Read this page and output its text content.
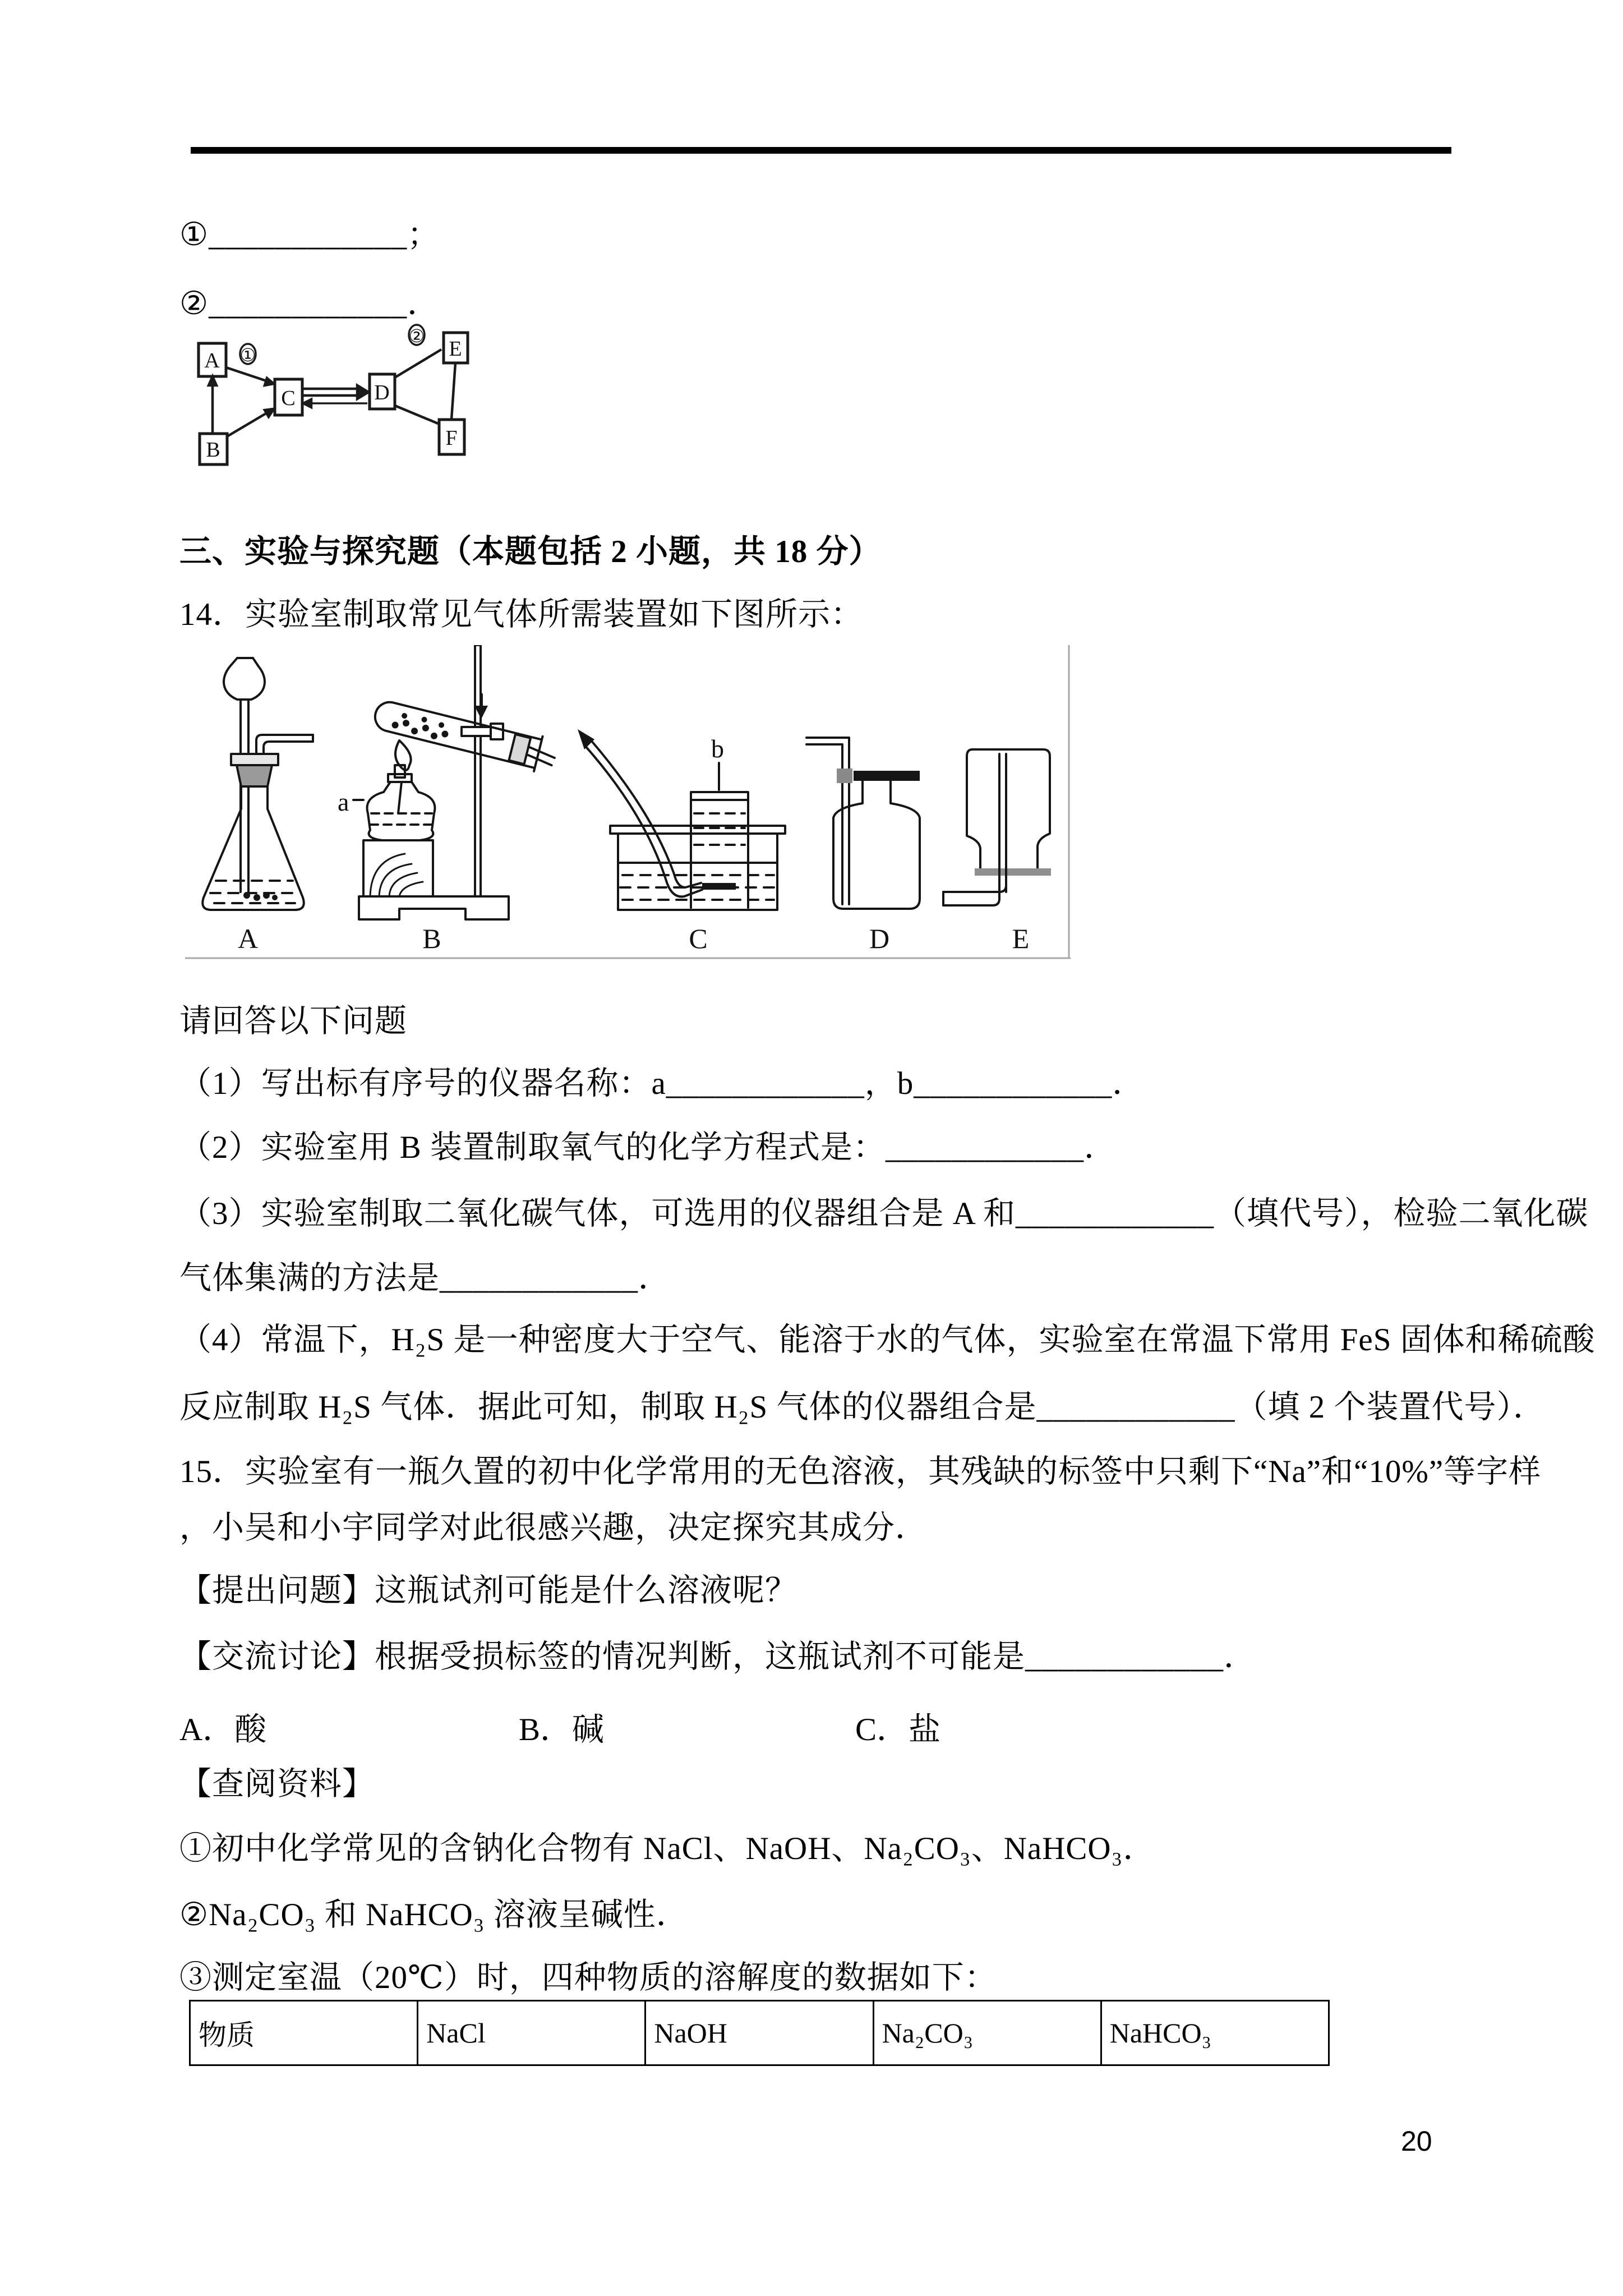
①____________；
②____________．
A
B
C	D
E
F
①
②
三、实验与探究题（本题包括 2 小题，共 18 分）
14．实验室制取常见气体所需装置如下图所示：
A	B	C	D	E
a
b
请回答以下问题
（1）写出标有序号的仪器名称：a____________，b____________．
（2）实验室用 B 装置制取氧气的化学方程式是：____________．
（3）实验室制取二氧化碳气体，可选用的仪器组合是 A 和____________（填代号），检验二氧化碳
气体集满的方法是____________．
（4）常温下，H₂S 是一种密度大于空气、能溶于水的气体，实验室在常温下常用 FeS 固体和稀硫酸
反应制取 H₂S 气体．据此可知，制取 H₂S 气体的仪器组合是____________（填 2 个装置代号）．
15．实验室有一瓶久置的初中化学常用的无色溶液，其残缺的标签中只剩下“Na”和“10%”等字样
，小吴和小宇同学对此很感兴趣，决定探究其成分．
【提出问题】这瓶试剂可能是什么溶液呢？
【交流讨论】根据受损标签的情况判断，这瓶试剂不可能是____________．
A．酸	B．碱	C．盐
【查阅资料】
①初中化学常见的含钠化合物有 NaCl、NaOH、Na₂CO₃、NaHCO₃．
②Na₂CO₃ 和 NaHCO₃ 溶液呈碱性．
③测定室温（20℃）时，四种物质的溶解度的数据如下：
物质	NaCl	NaOH	Na₂CO₃	NaHCO₃
20
